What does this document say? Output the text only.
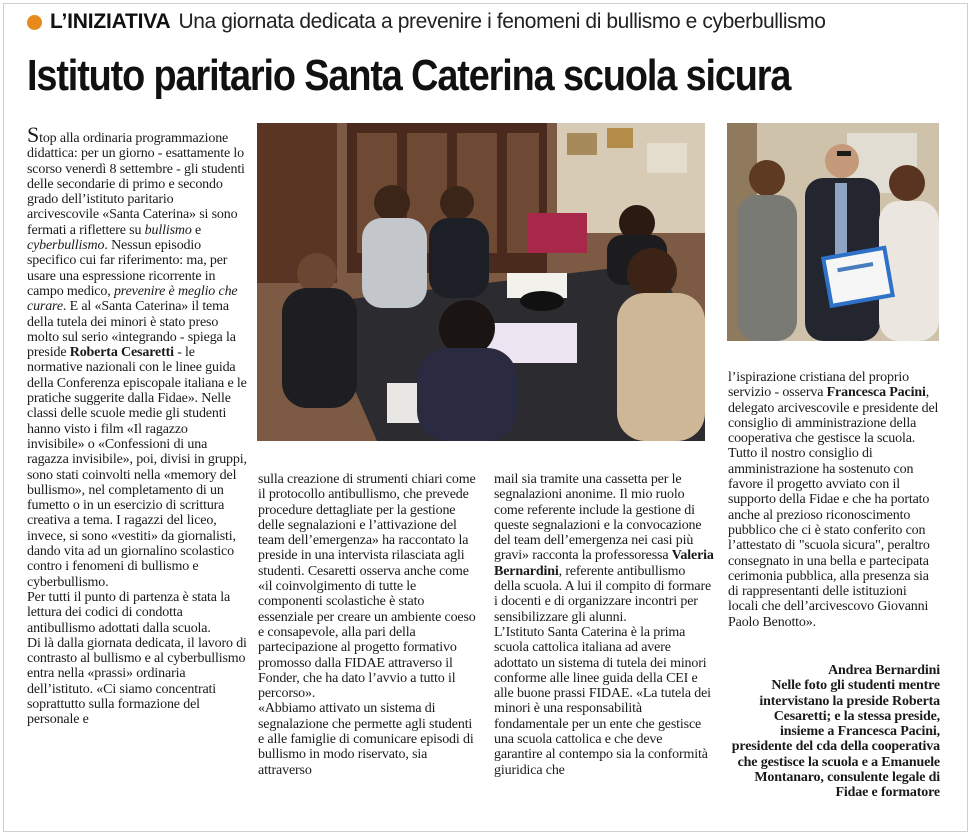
L’INIZIATIVA Una giornata dedicata a prevenire i fenomeni di bullismo e cyberbullismo
Istituto paritario Santa Caterina scuola sicura

Stop alla ordinaria programmazione didattica: per un giorno - esattamente lo scorso venerdì 8 settembre - gli studenti delle secondarie di primo e secondo grado dell’istituto paritario arcivescovile «Santa Caterina» si sono fermati a riflettere su bullismo e cyberbullismo. Nessun episodio specifico cui far riferimento: ma, per usare una espressione ricorrente in campo medico, prevenire è meglio che curare. E al «Santa Caterina» il tema della tutela dei minori è stato preso molto sul serio «integrando - spiega la preside Roberta Cesaretti - le normative nazionali con le linee guida della Conferenza episcopale italiana e le pratiche suggerite dalla Fidae». Nelle classi delle scuole medie gli studenti hanno visto i film «Il ragazzo invisibile» o «Confessioni di una ragazza invisibile», poi, divisi in gruppi, sono stati coinvolti nella «memory del bullismo», nel completamento di un fumetto o in un esercizio di scrittura creativa a tema. I ragazzi del liceo, invece, si sono «vestiti» da giornalisti, dando vita ad un giornalino scolastico contro i fenomeni di bullismo e cyberbullismo.

Per tutti il punto di partenza è stata la lettura dei codici di condotta antibullismo adottati dalla scuola.

Di là dalla giornata dedicata, il lavoro di contrasto al bullismo e al cyberbullismo entra nella «prassi» ordinaria dell’istituto. «Ci siamo concentrati soprattutto sulla formazione del personale e

sulla creazione di strumenti chiari come il protocollo antibullismo, che prevede procedure dettagliate per la gestione delle segnalazioni e l’attivazione del team dell’emergenza» ha raccontato la preside in una intervista rilasciata agli studenti. Cesaretti osserva anche come «il coinvolgimento di tutte le componenti scolastiche è stato essenziale per creare un ambiente coeso e consapevole, alla pari della partecipazione al progetto formativo promosso dalla FIDAE attraverso il Fonder, che ha dato l’avvio a tutto il percorso».

«Abbiamo attivato un sistema di segnalazione che permette agli studenti e alle famiglie di comunicare episodi di bullismo in modo riservato, sia attraverso

mail sia tramite una cassetta per le segnalazioni anonime. Il mio ruolo come referente include la gestione di queste segnalazioni e la convocazione del team dell’emergenza nei casi più gravi» racconta la professoressa Valeria Bernardini, referente antibullismo della scuola. A lui il compito di formare i docenti e di organizzare incontri per sensibilizzare gli alunni.

L’Istituto Santa Caterina è la prima scuola cattolica italiana ad avere adottato un sistema di tutela dei minori conforme alle linee guida della CEI e alle buone prassi FIDAE. «La tutela dei minori è una responsabilità fondamentale per un ente che gestisce una scuola cattolica e che deve garantire al contempo sia la conformità giuridica che

l’ispirazione cristiana del proprio servizio - osserva Francesca Pacini, delegato arcivescovile e presidente del consiglio di amministrazione della cooperativa che gestisce la scuola. Tutto il nostro consiglio di amministrazione ha sostenuto con favore il progetto avviato con il supporto della Fidae e che ha portato anche al prezioso riconoscimento pubblico che ci è stato conferito con l’attestato di "scuola sicura", peraltro consegnato in una bella e partecipata cerimonia pubblica, alla presenza sia di rappresentanti delle istituzioni locali che dell’arcivescovo Giovanni Paolo Benotto».

Andrea Bernardini

Nelle foto gli studenti mentre intervistano la preside Roberta Cesaretti; e la stessa preside, insieme a Francesca Pacini, presidente del cda della cooperativa che gestisce la scuola e a Emanuele Montanaro, consulente legale di Fidae e formatore
